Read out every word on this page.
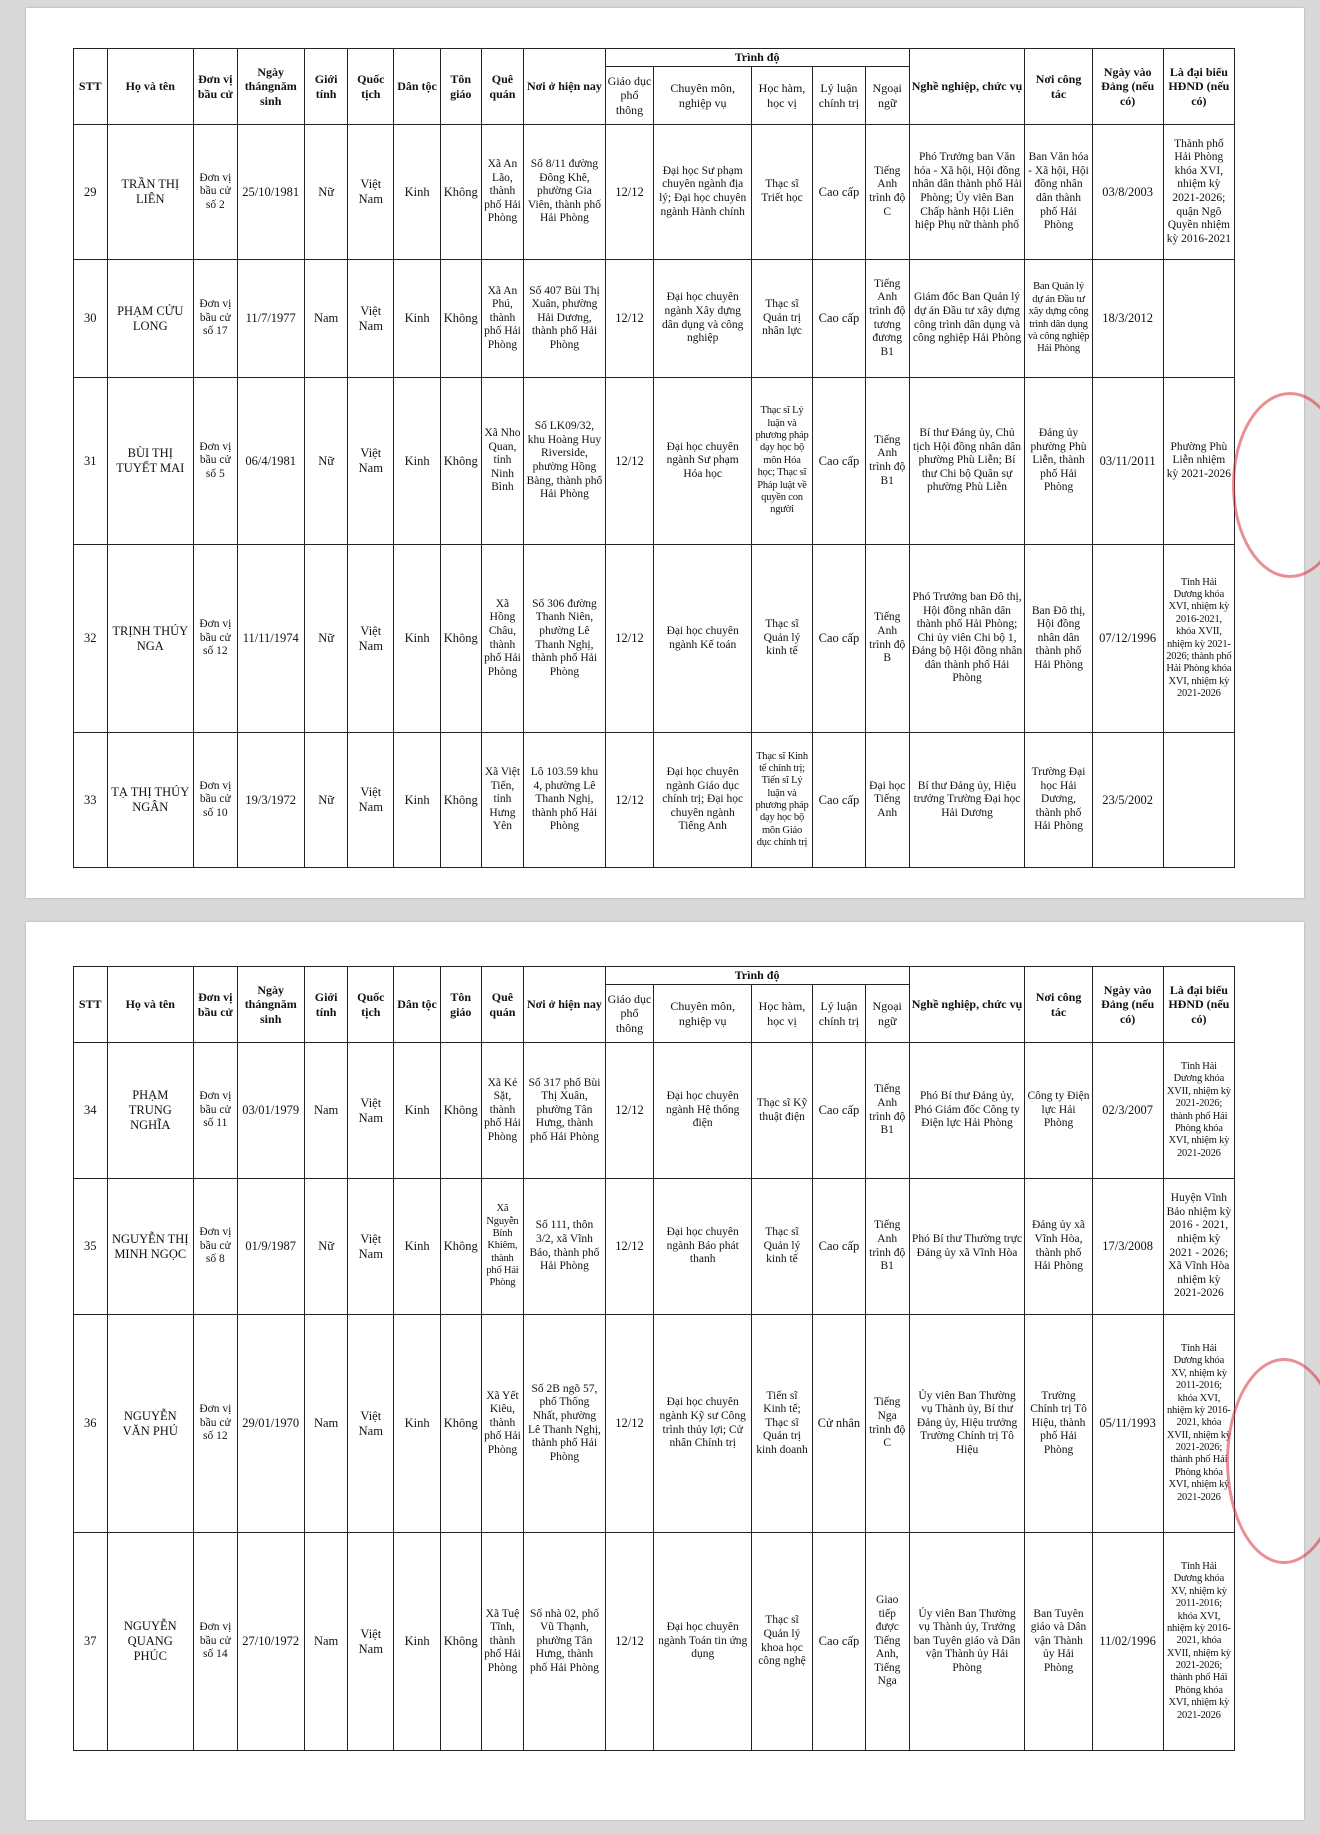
STT	Họ và tên	Đơn vị bầu cử	Ngày thángnăm sinh	Giới tính	Quốc tịch	Dân tộc	Tôn giáo	Quê quán	Nơi ở hiện nay	Trình độ					Nghề nghiệp, chức vụ	Nơi công tác	Ngày vào Đảng (nếu có)	Là đại biểu HĐND (nếu có)
										Giáo dục phổ thông	Chuyên môn, nghiệp vụ	Học hàm, học vị	Lý luận chính trị	Ngoại ngữ				
29	TRẦN THỊ LIÊN	Đơn vị bầu cử số 2	25/10/1981	Nữ	Việt Nam	Kinh	Không	Xã An Lão, thành phố Hải Phòng	Số 8/11 đường Đông Khê, phường Gia Viên, thành phố Hải Phòng	12/12	Đại học Sư phạm chuyên ngành địa lý; Đại học chuyên ngành Hành chính	Thạc sĩ Triết học	Cao cấp	Tiếng Anh trình độ C	Phó Trưởng ban Văn hóa - Xã hội, Hội đồng nhân dân thành phố Hải Phòng; Ủy viên Ban Chấp hành Hội Liên hiệp Phụ nữ thành phố	Ban Văn hóa - Xã hội, Hội đồng nhân dân thành phố Hải Phòng	03/8/2003	Thành phố Hải Phòng khóa XVI, nhiệm kỳ 2021-2026; quận Ngô Quyền nhiệm kỳ 2016-2021
30	PHẠM CỬU LONG	Đơn vị bầu cử số 17	11/7/1977	Nam	Việt Nam	Kinh	Không	Xã An Phú, thành phố Hải Phòng	Số 407 Bùi Thị Xuân, phường Hải Dương, thành phố Hải Phòng	12/12	Đại học chuyên ngành Xây dựng dân dụng và công nghiệp	Thạc sĩ Quản trị nhân lực	Cao cấp	Tiếng Anh trình độ tương đương B1	Giám đốc Ban Quản lý dự án Đầu tư xây dựng công trình dân dụng và công nghiệp Hải Phòng	Ban Quản lý dự án Đầu tư xây dựng công trình dân dụng và công nghiệp Hải Phòng	18/3/2012	
31	BÙI THỊ TUYẾT MAI	Đơn vị bầu cử số 5	06/4/1981	Nữ	Việt Nam	Kinh	Không	Xã Nho Quan, tỉnh Ninh Bình	Số LK09/32, khu Hoàng Huy Riverside, phường Hồng Bàng, thành phố Hải Phòng	12/12	Đại học chuyên ngành Sư phạm Hóa học	Thạc sĩ Lý luận và phương pháp dạy học bộ môn Hóa học; Thạc sĩ Pháp luật về quyền con người	Cao cấp	Tiếng Anh trình độ B1	Bí thư Đảng ủy, Chủ tịch Hội đồng nhân dân phường Phù Liễn; Bí thư Chi bộ Quân sự phường Phù Liễn	Đảng ủy phường Phù Liễn, thành phố Hải Phòng	03/11/2011	Phường Phù Liễn nhiệm kỳ 2021-2026
32	TRỊNH THÚY NGA	Đơn vị bầu cử số 12	11/11/1974	Nữ	Việt Nam	Kinh	Không	Xã Hồng Châu, thành phố Hải Phòng	Số 306 đường Thanh Niên, phường Lê Thanh Nghị, thành phố Hải Phòng	12/12	Đại học chuyên ngành Kế toán	Thạc sĩ Quản lý kinh tế	Cao cấp	Tiếng Anh trình độ B	Phó Trưởng ban Đô thị, Hội đồng nhân dân thành phố Hải Phòng; Chi ủy viên Chi bộ 1, Đảng bộ Hội đồng nhân dân thành phố Hải Phòng	Ban Đô thị, Hội đồng nhân dân thành phố Hải Phòng	07/12/1996	Tỉnh Hải Dương khóa XVI, nhiệm kỳ 2016-2021, khóa XVII, nhiệm kỳ 2021-2026; thành phố Hải Phòng khóa XVI, nhiệm kỳ 2021-2026
33	TẠ THỊ THÚY NGÂN	Đơn vị bầu cử số 10	19/3/1972	Nữ	Việt Nam	Kinh	Không	Xã Việt Tiến, tỉnh Hưng Yên	Lô 103.59 khu 4, phường Lê Thanh Nghị, thành phố Hải Phòng	12/12	Đại học chuyên ngành Giáo dục chính trị; Đại học chuyên ngành Tiếng Anh	Thạc sĩ Kinh tế chính trị; Tiến sĩ Lý luận và phương pháp dạy học bộ môn Giáo dục chính trị	Cao cấp	Đại học Tiếng Anh	Bí thư Đảng ủy, Hiệu trưởng Trường Đại học Hải Dương	Trường Đại học Hải Dương, thành phố Hải Phòng	23/5/2002	
STT	Họ và tên	Đơn vị bầu cử	Ngày thángnăm sinh	Giới tính	Quốc tịch	Dân tộc	Tôn giáo	Quê quán	Nơi ở hiện nay	Trình độ					Nghề nghiệp, chức vụ	Nơi công tác	Ngày vào Đảng (nếu có)	Là đại biểu HĐND (nếu có)
										Giáo dục phổ thông	Chuyên môn, nghiệp vụ	Học hàm, học vị	Lý luận chính trị	Ngoại ngữ				
34	PHẠM TRUNG NGHĨA	Đơn vị bầu cử số 11	03/01/1979	Nam	Việt Nam	Kinh	Không	Xã Kẻ Sặt, thành phố Hải Phòng	Số 317 phố Bùi Thị Xuân, phường Tân Hưng, thành phố Hải Phòng	12/12	Đại học chuyên ngành Hệ thống điện	Thạc sĩ Kỹ thuật điện	Cao cấp	Tiếng Anh trình độ B1	Phó Bí thư Đảng ủy, Phó Giám đốc Công ty Điện lực Hải Phòng	Công ty Điện lực Hải Phòng	02/3/2007	Tỉnh Hải Dương khóa XVII, nhiệm kỳ 2021-2026; thành phố Hải Phòng khóa XVI, nhiệm kỳ 2021-2026
35	NGUYỄN THỊ MINH NGỌC	Đơn vị bầu cử số 8	01/9/1987	Nữ	Việt Nam	Kinh	Không	Xã Nguyễn Bỉnh Khiêm, thành phố Hải Phòng	Số 111, thôn 3/2, xã Vĩnh Bảo, thành phố Hải Phòng	12/12	Đại học chuyên ngành Báo phát thanh	Thạc sĩ Quản lý kinh tế	Cao cấp	Tiếng Anh trình độ B1	Phó Bí thư Thường trực Đảng ủy xã Vĩnh Hòa	Đảng ủy xã Vĩnh Hòa, thành phố Hải Phòng	17/3/2008	Huyện Vĩnh Bảo nhiệm kỳ 2016 - 2021, nhiệm kỳ 2021 - 2026; Xã Vĩnh Hòa nhiệm kỳ 2021-2026
36	NGUYỄN VĂN PHÚ	Đơn vị bầu cử số 12	29/01/1970	Nam	Việt Nam	Kinh	Không	Xã Yết Kiêu, thành phố Hải Phòng	Số 2B ngõ 57, phố Thống Nhất, phường Lê Thanh Nghị, thành phố Hải Phòng	12/12	Đại học chuyên ngành Kỹ sư Công trình thủy lợi; Cử nhân Chính trị	Tiến sĩ Kinh tế; Thạc sĩ Quản trị kinh doanh	Cử nhân	Tiếng Nga trình độ C	Ủy viên Ban Thường vụ Thành ủy, Bí thư Đảng ủy, Hiệu trưởng Trường Chính trị Tô Hiệu	Trường Chính trị Tô Hiệu, thành phố Hải Phòng	05/11/1993	Tỉnh Hải Dương khóa XV, nhiệm kỳ 2011-2016; khóa XVI, nhiệm kỳ 2016-2021, khóa XVII, nhiệm kỳ 2021-2026; thành phố Hải Phòng khóa XVI, nhiệm kỳ 2021-2026
37	NGUYỄN QUANG PHÚC	Đơn vị bầu cử số 14	27/10/1972	Nam	Việt Nam	Kinh	Không	Xã Tuệ Tĩnh, thành phố Hải Phòng	Số nhà 02, phố Vũ Thạnh, phường Tân Hưng, thành phố Hải Phòng	12/12	Đại học chuyên ngành Toán tin ứng dụng	Thạc sĩ Quản lý khoa học công nghệ	Cao cấp	Giao tiếp được Tiếng Anh, Tiếng Nga	Ủy viên Ban Thường vụ Thành ủy, Trưởng ban Tuyên giáo và Dân vận Thành ủy Hải Phòng	Ban Tuyên giáo và Dân vận Thành ủy Hải Phòng	11/02/1996	Tỉnh Hải Dương khóa XV, nhiệm kỳ 2011-2016; khóa XVI, nhiệm kỳ 2016-2021, khóa XVII, nhiệm kỳ 2021-2026; thành phố Hải Phòng khóa XVI, nhiệm kỳ 2021-2026
